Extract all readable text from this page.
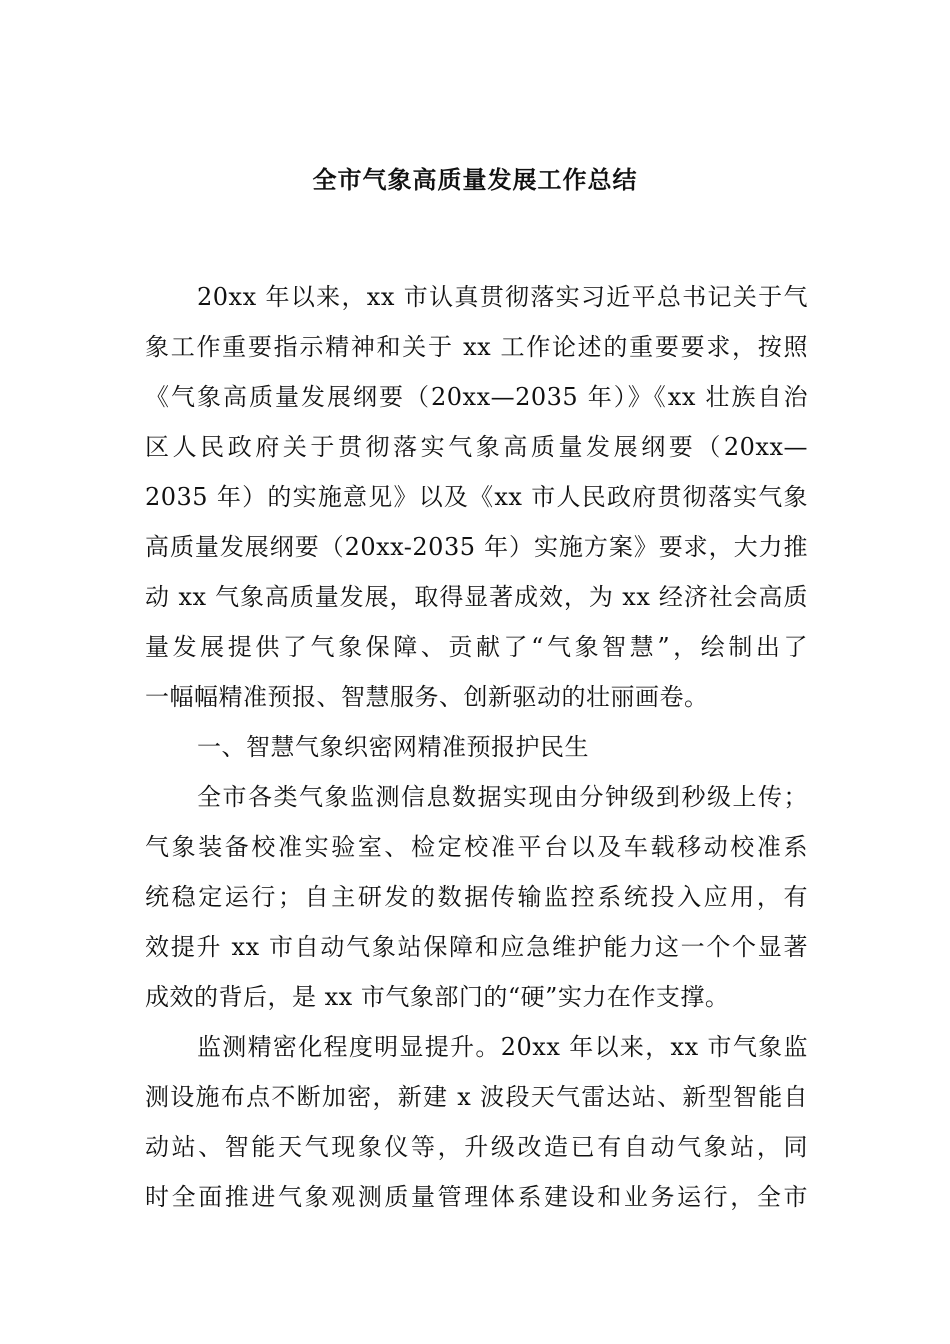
全市气象高质量发展工作总结
20xx 年以来，xx 市认真贯彻落实习近平总书记关于气
象工作重要指示精神和关于 xx 工作论述的重要要求，按照
《气象高质量发展纲要（20xx—2035 年）》《xx 壮族自治
区人民政府关于贯彻落实气象高质量发展纲要（20xx—
2035 年）的实施意见》以及《xx 市人民政府贯彻落实气象
高质量发展纲要（20xx-2035 年）实施方案》要求，大力推
动 xx 气象高质量发展，取得显著成效，为 xx 经济社会高质
量发展提供了气象保障、贡献了“气象智慧”，绘制出了
一幅幅精准预报、智慧服务、创新驱动的壮丽画卷。
一、智慧气象织密网精准预报护民生
全市各类气象监测信息数据实现由分钟级到秒级上传；
气象装备校准实验室、检定校准平台以及车载移动校准系
统稳定运行；自主研发的数据传输监控系统投入应用，有
效提升 xx 市自动气象站保障和应急维护能力这一个个显著
成效的背后，是 xx 市气象部门的“硬”实力在作支撑。
监测精密化程度明显提升。20xx 年以来，xx 市气象监
测设施布点不断加密，新建 x 波段天气雷达站、新型智能自
动站、智能天气现象仪等，升级改造已有自动气象站，同
时全面推进气象观测质量管理体系建设和业务运行，全市
